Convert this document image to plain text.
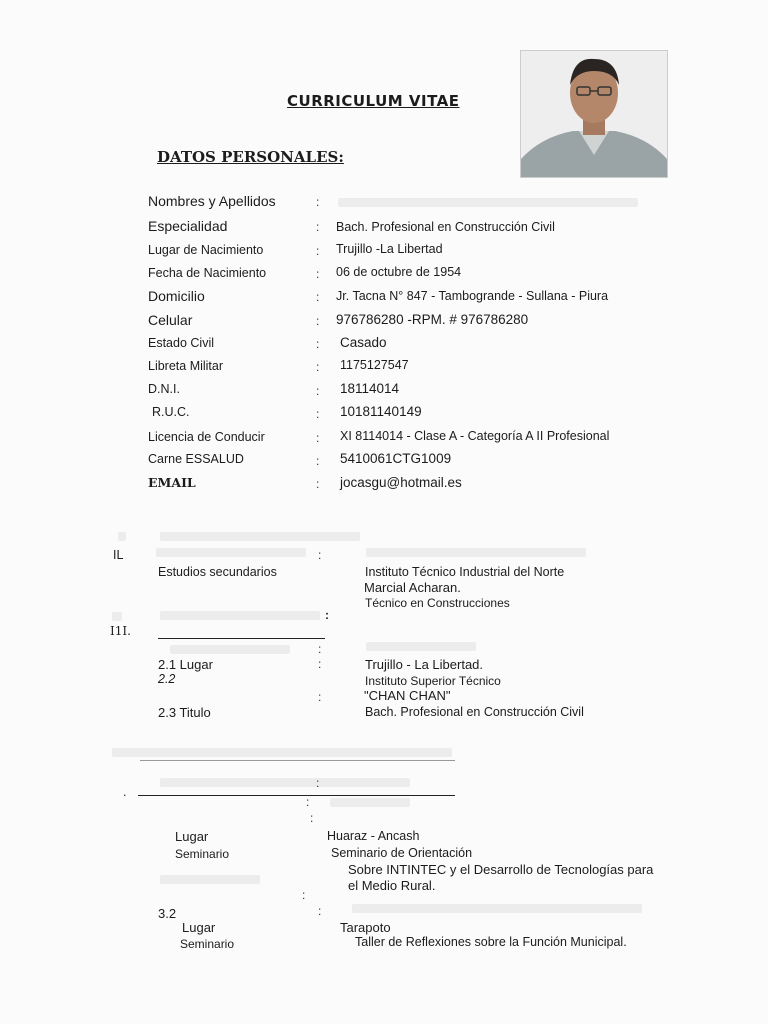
CURRICULUM VITAE
DATOS PERSONALES:
Nombres y Apellidos	:
Especialidad	: Bach. Profesional en Construcción Civil
Lugar de Nacimiento	: Trujillo -La Libertad
Fecha de Nacimiento	: 06 de octubre de 1954
Domicilio	: Jr. Tacna N° 847 - Tambogrande - Sullana - Piura
Celular	: 976786280 -RPM. # 976786280
Estado Civil	: Casado
Libreta Militar	: 1175127547
D.N.I.	: 18114014
R.U.C.	: 10181140149
Licencia de Conducir	: XI 8114014 - Clase A - Categoría A II Profesional
Carne ESSALUD	: 5410061CTG1009
EMAIL	: jocasgu@hotmail.es
IL	:
Estudios secundarios	Instituto Técnico Industrial del Norte
Marcial Acharan.
Técnico en Construcciones
:
I1I.
:
2.1 Lugar	:	Trujillo - La Libertad.
2.2	Instituto Superior Técnico
"CHAN CHAN"
:
2.3 Titulo	Bach. Profesional en Construcción Civil
:
.
:
:
Lugar	Huaraz - Ancash
Seminario	Seminario de Orientación
Sobre INTINTEC y el Desarrollo de Tecnologías para
el Medio Rural.
:
:
3.2
Lugar	Tarapoto
Seminario	Taller de Reflexiones sobre la Función Municipal.
